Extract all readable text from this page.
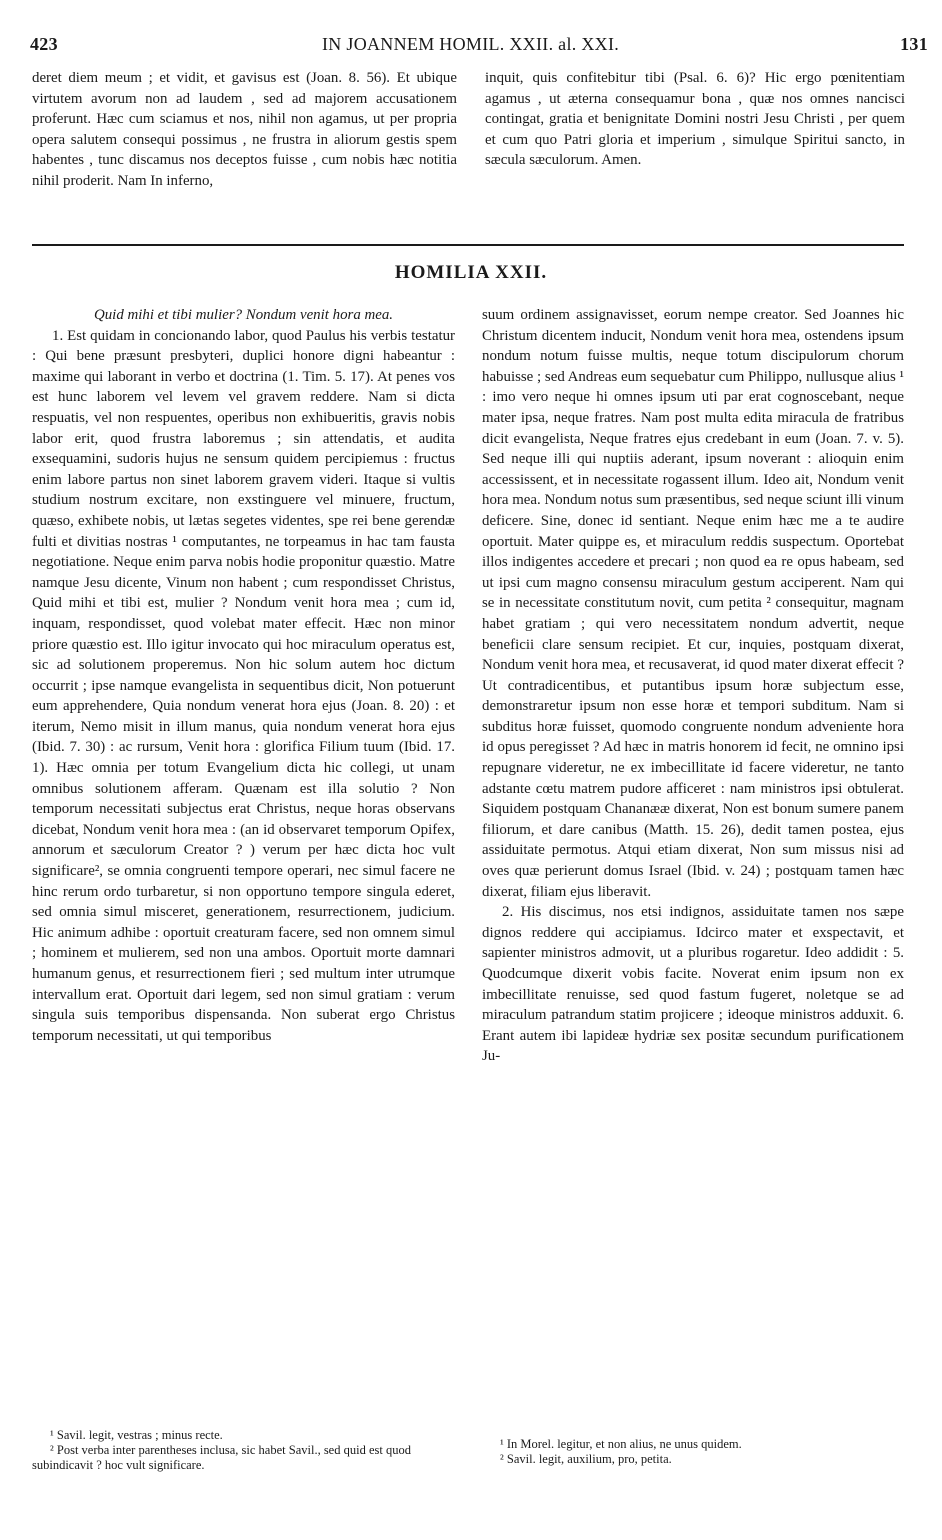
423	IN JOANNEM HOMIL. XXII. al. XXI.	131

deret diem meum ; et vidit, et gavisus est (Joan. 8. 56). Et ubique virtutem avorum non ad laudem , sed ad majorem accusationem proferunt. Hæc cum sciamus et nos, nihil non agamus, ut per propria opera salutem consequi possimus , ne frustra in aliorum gestis spem habentes , tunc discamus nos deceptos fuisse , cum nobis hæc notitia nihil proderit. Nam In inferno,

inquit, quis confitebitur tibi (Psal. 6. 6)? Hic ergo pœnitentiam agamus , ut æterna consequamur bona , quæ nos omnes nancisci contingat, gratia et benignitate Domini nostri Jesu Christi , per quem et cum quo Patri gloria et imperium , simulque Spiritui sancto, in sæcula sæculorum. Amen.

HOMILIA XXII.

Quid mihi et tibi mulier? Nondum venit hora mea.

1. Est quidam in concionando labor, quod Paulus his verbis testatur : Qui bene præsunt presbyteri, duplici honore digni habeantur : maxime qui laborant in verbo et doctrina (1. Tim. 5. 17). At penes vos est hunc laborem vel levem vel gravem reddere. Nam si dicta respuatis, vel non respuentes, operibus non exhibueritis, gravis nobis labor erit, quod frustra laboremus ; sin attendatis, et audita exsequamini, sudoris hujus ne sensum quidem percipiemus : fructus enim labore partus non sinet laborem gravem videri. Itaque si vultis studium nostrum excitare, non exstinguere vel minuere, fructum, quæso, exhibete nobis, ut lætas segetes videntes, spe rei bene gerendæ fulti et divitias nostras ¹ computantes, ne torpeamus in hac tam fausta negotiatione. Neque enim parva nobis hodie proponitur quæstio. Matre namque Jesu dicente, Vinum non habent ; cum respondisset Christus, Quid mihi et tibi est, mulier ? Nondum venit hora mea ; cum id, inquam, respondisset, quod volebat mater effecit. Hæc non minor priore quæstio est. Illo igitur invocato qui hoc miraculum operatus est, sic ad solutionem properemus. Non hic solum autem hoc dictum occurrit ; ipse namque evangelista in sequentibus dicit, Non potuerunt eum apprehendere, Quia nondum venerat hora ejus (Joan. 8. 20) : et iterum, Nemo misit in illum manus, quia nondum venerat hora ejus (Ibid. 7. 30) : ac rursum, Venit hora : glorifica Filium tuum (Ibid. 17. 1). Hæc omnia per totum Evangelium dicta hic collegi, ut unam omnibus solutionem afferam. Quænam est illa solutio ? Non temporum necessitati subjectus erat Christus, neque horas observans dicebat, Nondum venit hora mea : (an id observaret temporum Opifex, annorum et sæculorum Creator ? ) verum per hæc dicta hoc vult significare², se omnia congruenti tempore operari, nec simul facere ne hinc rerum ordo turbaretur, si non opportuno tempore singula ederet, sed omnia simul misceret, generationem, resurrectionem, judicium. Hic animum adhibe : oportuit creaturam facere, sed non omnem simul ; hominem et mulierem, sed non una ambos. Oportuit morte damnari humanum genus, et resurrectionem fieri ; sed multum inter utrumque intervallum erat. Oportuit dari legem, sed non simul gratiam : verum singula suis temporibus dispensanda. Non suberat ergo Christus temporum necessitati, ut qui temporibus

suum ordinem assignavisset, eorum nempe creator. Sed Joannes hic Christum dicentem inducit, Nondum venit hora mea, ostendens ipsum nondum notum fuisse multis, neque totum discipulorum chorum habuisse ; sed Andreas eum sequebatur cum Philippo, nullusque alius ¹ : imo vero neque hi omnes ipsum uti par erat cognoscebant, neque mater ipsa, neque fratres. Nam post multa edita miracula de fratribus dicit evangelista, Neque fratres ejus credebant in eum (Joan. 7. v. 5). Sed neque illi qui nuptiis aderant, ipsum noverant : alioquin enim accessissent, et in necessitate rogassent illum. Ideo ait, Nondum venit hora mea. Nondum notus sum præsentibus, sed neque sciunt illi vinum deficere. Sine, donec id sentiant. Neque enim hæc me a te audire oportuit. Mater quippe es, et miraculum reddis suspectum. Oportebat illos indigentes accedere et precari ; non quod ea re opus habeam, sed ut ipsi cum magno consensu miraculum gestum acciperent. Nam qui se in necessitate constitutum novit, cum petita ² consequitur, magnam habet gratiam ; qui vero necessitatem nondum advertit, neque beneficii clare sensum recipiet. Et cur, inquies, postquam dixerat, Nondum venit hora mea, et recusaverat, id quod mater dixerat effecit ? Ut contradicentibus, et putantibus ipsum horæ subjectum esse, demonstraretur ipsum non esse horæ et tempori subditum. Nam si subditus horæ fuisset, quomodo congruente nondum adveniente hora id opus peregisset ? Ad hæc in matris honorem id fecit, ne omnino ipsi repugnare videretur, ne ex imbecillitate id facere videretur, ne tanto adstante cœtu matrem pudore afficeret : nam ministros ipsi obtulerat. Siquidem postquam Chananææ dixerat, Non est bonum sumere panem filiorum, et dare canibus (Matth. 15. 26), dedit tamen postea, ejus assiduitate permotus. Atqui etiam dixerat, Non sum missus nisi ad oves quæ perierunt domus Israel (Ibid. v. 24) ; postquam tamen hæc dixerat, filiam ejus liberavit.

2. His discimus, nos etsi indignos, assiduitate tamen nos sæpe dignos reddere qui accipiamus. Idcirco mater et exspectavit, et sapienter ministros admovit, ut a pluribus rogaretur. Ideo addidit : 5. Quodcumque dixerit vobis facite. Noverat enim ipsum non ex imbecillitate renuisse, sed quod fastum fugeret, noletque se ad miraculum patrandum statim projicere ; ideoque ministros adduxit. 6. Erant autem ibi lapideæ hydriæ sex positæ secundum purificationem Ju-

¹ Savil. legit, vestras ; minus recte.

² Post verba inter parentheses inclusa, sic habet Savil., sed quid est quod subindicavit ? hoc vult significare.

¹ In Morel. legitur, et non alius, ne unus quidem.

² Savil. legit, auxilium, pro, petita.
